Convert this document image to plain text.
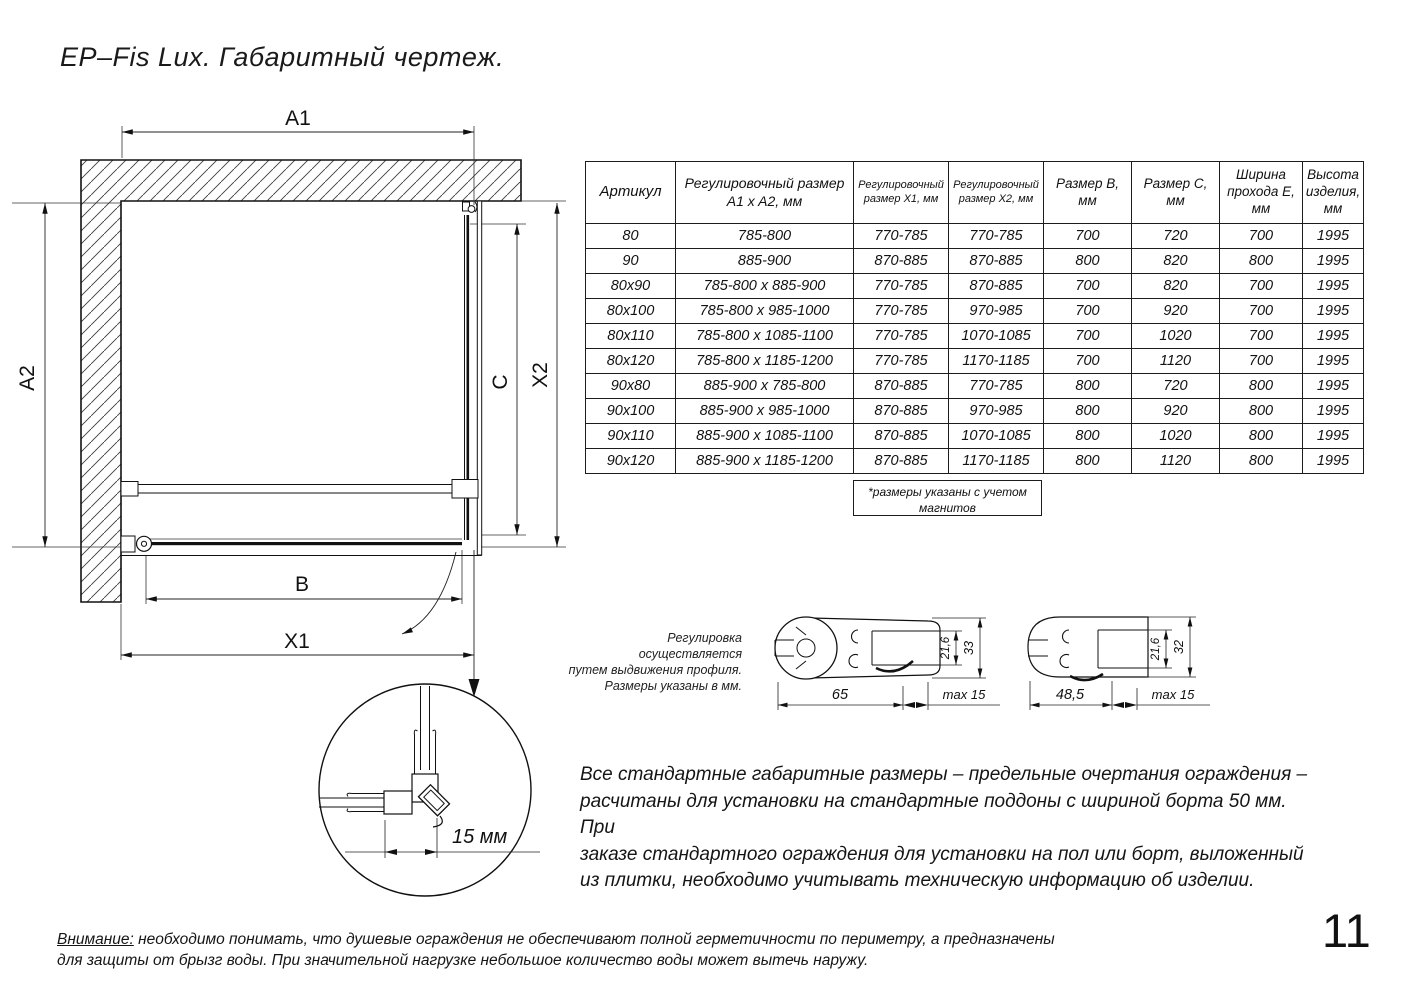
EP–Fis Lux. Габаритный чертеж.
A1
A2	X2
C
B
X1
15 мм
Артикул	Регулировочный размер A1 x A2, мм	Регулировочный размер X1, мм	Регулировочный размер X2, мм	Размер B, мм	Размер C, мм	Ширина прохода E, мм	Высота изделия, мм
80	785-800	770-785	770-785	700	720	700	1995
90	885-900	870-885	870-885	800	820	800	1995
80x90	785-800 x 885-900	770-785	870-885	700	820	700	1995
80x100	785-800 x 985-1000	770-785	970-985	700	920	700	1995
80x110	785-800 x 1085-1100	770-785	1070-1085	700	1020	700	1995
80x120	785-800 x 1185-1200	770-785	1170-1185	700	1120	700	1995
90x80	885-900 x 785-800	870-885	770-785	800	720	800	1995
90x100	885-900 x 985-1000	870-885	970-985	800	920	800	1995
90x110	885-900 x 1085-1100	870-885	1070-1085	800	1020	800	1995
90x120	885-900 x 1185-1200	870-885	1170-1185	800	1120	800	1995
*размеры указаны с учетом
магнитов
Регулировка осуществляется
путем выдвижения профиля.
Размеры указаны в мм.
21,6 33
65	max 15
21,6 32
48,5	max 15
Все стандартные габаритные размеры – предельные очертания ограждения –
расчитаны для установки на стандартные поддоны с шириной борта 50 мм. При
заказе стандартного ограждения для установки на пол или борт, выложенный
из плитки, необходимо учитывать техническую информацию об изделии.
Внимание: необходимо понимать, что душевые ограждения не обеспечивают полной герметичности по периметру, а предназначены
для защиты от брызг воды. При значительной нагрузке небольшое количество воды может вытечь наружу.
11
